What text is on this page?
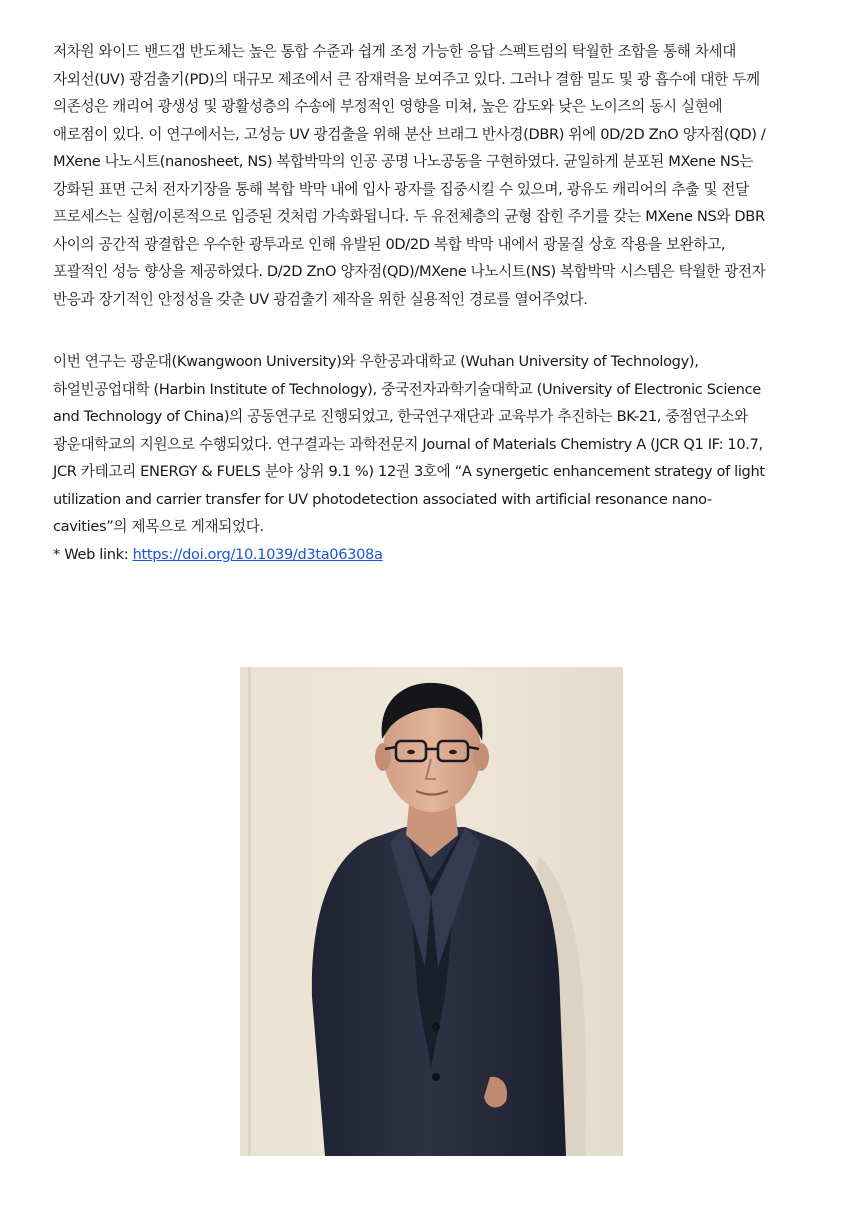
저차원 와이드 밴드갭 반도체는 높은 통합 수준과 쉽게 조정 가능한 응답 스펙트럼의 탁월한 조합을 통해 차세대
자외선(UV) 광검출기(PD)의 대규모 제조에서 큰 잠재력을 보여주고 있다. 그러나 결함 밀도 및 광 흡수에 대한 두께
의존성은 캐리어 광생성 및 광활성층의 수송에 부정적인 영향을 미쳐, 높은 감도와 낮은 노이즈의 동시 실현에
애로점이 있다. 이 연구에서는, 고성능 UV 광검출을 위해 분산 브래그 반사경(DBR) 위에 0D/2D ZnO 양자점(QD) /
MXene 나노시트(nanosheet, NS) 복합박막의 인공 공명 나노공동을 구현하였다. 균일하게 분포된 MXene NS는
강화된 표면 근처 전자기장을 통해 복합 박막 내에 입사 광자를 집중시킬 수 있으며, 광유도 캐리어의 추출 및 전달
프로세스는 실험/이론적으로 입증된 것처럼 가속화됩니다. 두 유전체층의 균형 잡힌 주기를 갖는 MXene NS와 DBR
사이의 공간적 광결합은 우수한 광투과로 인해 유발된 0D/2D 복합 박막 내에서 광물질 상호 작용을 보완하고,
포괄적인 성능 향상을 제공하였다. D/2D ZnO 양자점(QD)/MXene 나노시트(NS) 복합박막 시스템은 탁월한 광전자
반응과 장기적인 안정성을 갖춘 UV 광검출기 제작을 위한 실용적인 경로를 열어주었다.
이번 연구는 광운대(Kwangwoon University)와 우한공과대학교 (Wuhan University of Technology),
하얼빈공업대학 (Harbin Institute of Technology), 중국전자과학기술대학교 (University of Electronic Science
and Technology of China)의 공동연구로 진행되었고, 한국연구재단과 교육부가 추진하는 BK-21, 중점연구소와
광운대학교의 지원으로 수행되었다. 연구결과는 과학전문지 Journal of Materials Chemistry A (JCR Q1 IF: 10.7,
JCR 카테고리 ENERGY & FUELS 분야 상위 9.1 %) 12권 3호에 “A synergetic enhancement strategy of light
utilization and carrier transfer for UV photodetection associated with artificial resonance nano-
cavities”의 제목으로 게재되었다.
* Web link: https://doi.org/10.1039/d3ta06308a
